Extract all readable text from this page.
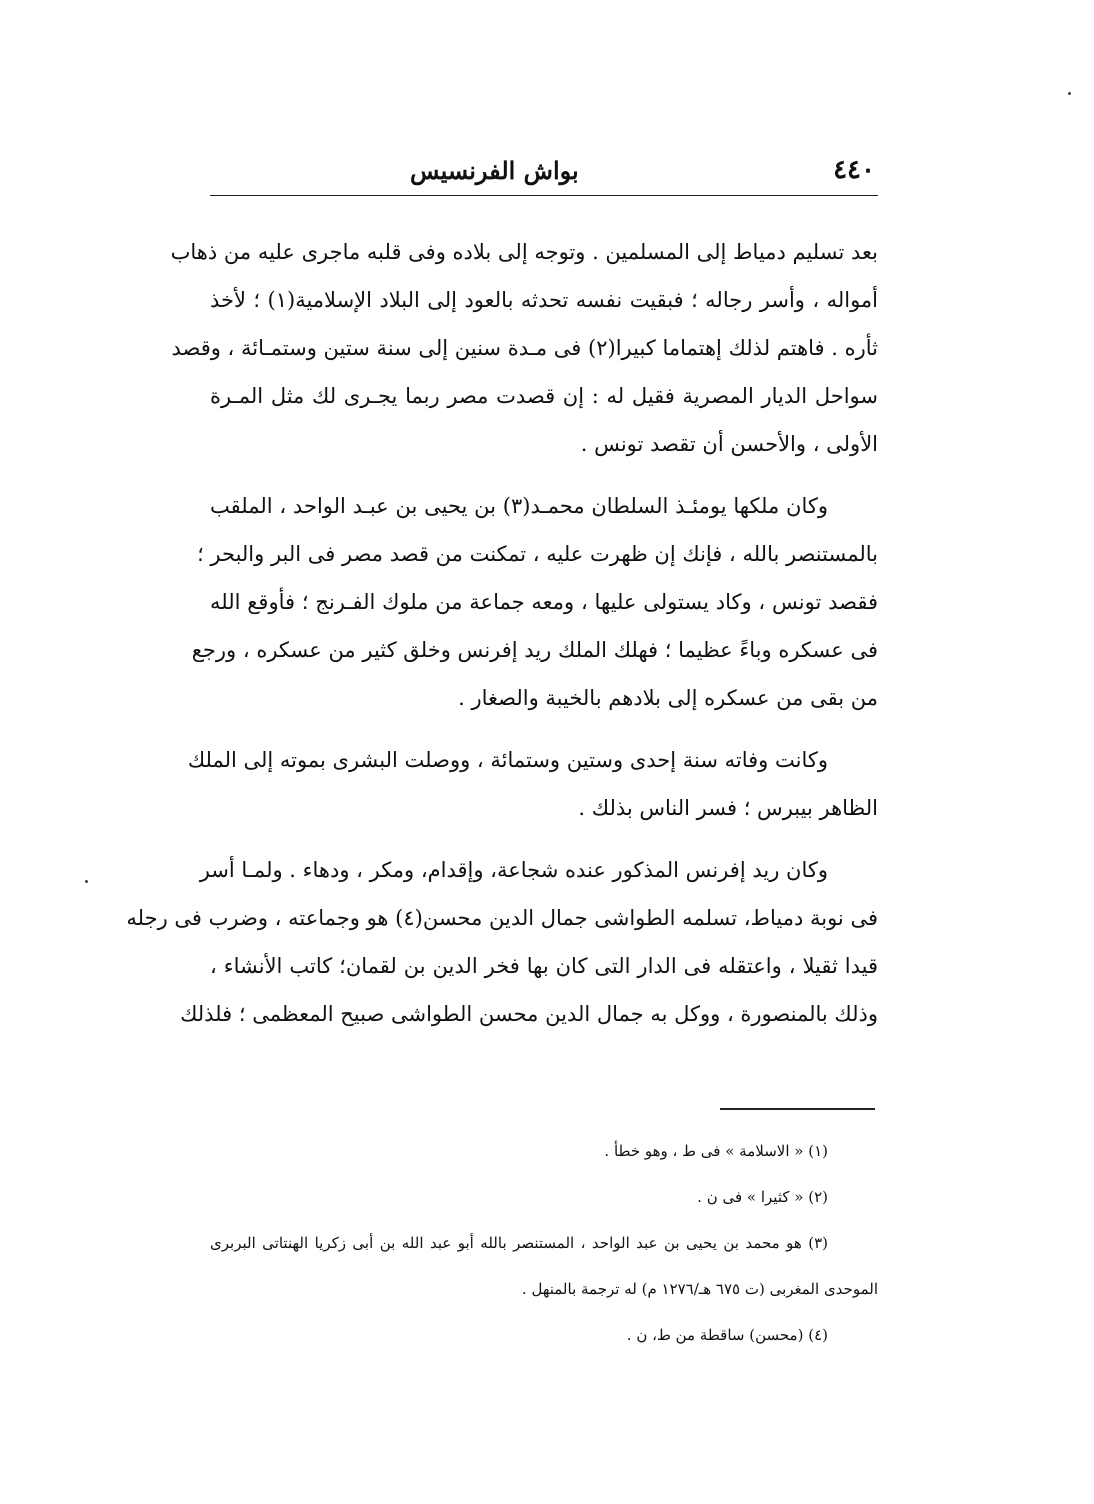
٤٤٠
بواش الفرنسيس
بعد تسليم دمياط إلى المسلمين . وتوجه إلى بلاده وفى قلبه ماجرى عليه من ذهاب
أمواله ، وأسر رجاله ؛ فبقيت نفسه تحدثه بالعود إلى البلاد الإسلامية(١) ؛ لأخذ
ثأره . فاهتم لذلك إهتماما كبيرا(٢) فى مـدة سنين إلى سنة ستين وستمـائة ، وقصد
سواحل الديار المصرية فقيل له : إن قصدت مصر ربما يجـرى لك مثل المـرة
الأولى ، والأحسن أن تقصد تونس .
وكان ملكها يومئـذ السلطان محمـد(٣) بن يحيى بن عبـد الواحد ، الملقب
بالمستنصر بالله ، فإنك إن ظهرت عليه ، تمكنت من قصد مصر فى البر والبحر ؛
فقصد تونس ، وكاد يستولى عليها ، ومعه جماعة من ملوك الفـرنج ؛ فأوقع الله
فى عسكره وباءً عظيما ؛ فهلك الملك ريد إفرنس وخلق كثير من عسكره ، ورجع
من بقى من عسكره إلى بلادهم بالخيبة والصغار .
وكانت وفاته سنة إحدى وستين وستمائة ، ووصلت البشرى بموته إلى الملك
الظاهر بيبرس ؛ فسر الناس بذلك .
وكان ريد إفرنس المذكور عنده شجاعة، وإقدام، ومكر ، ودهاء . ولمـا أسر
فى نوبة دمياط، تسلمه الطواشى جمال الدين محسن(٤) هو وجماعته ، وضرب فى رجله
قيدا ثقيلا ، واعتقله فى الدار التى كان بها فخر الدين بن لقمان؛ كاتب الأنشاء ،
وذلك بالمنصورة ، ووكل به جمال الدين محسن الطواشى صبيح المعظمى ؛ فلذلك
(١) « الاسلامة » فى ط ، وهو خطأ .
(٢) « كثيرا » فى ن .
(٣) هو محمد بن يحيى بن عبد الواحد ، المستنصر بالله أبو عبد الله بن أبى زكريا الهنتاتى البربرى
الموحدى المغربى (ت ٦٧٥ هـ/١٢٧٦ م) له ترجمة بالمنهل .
(٤) (محسن) ساقطة من ط، ن .
